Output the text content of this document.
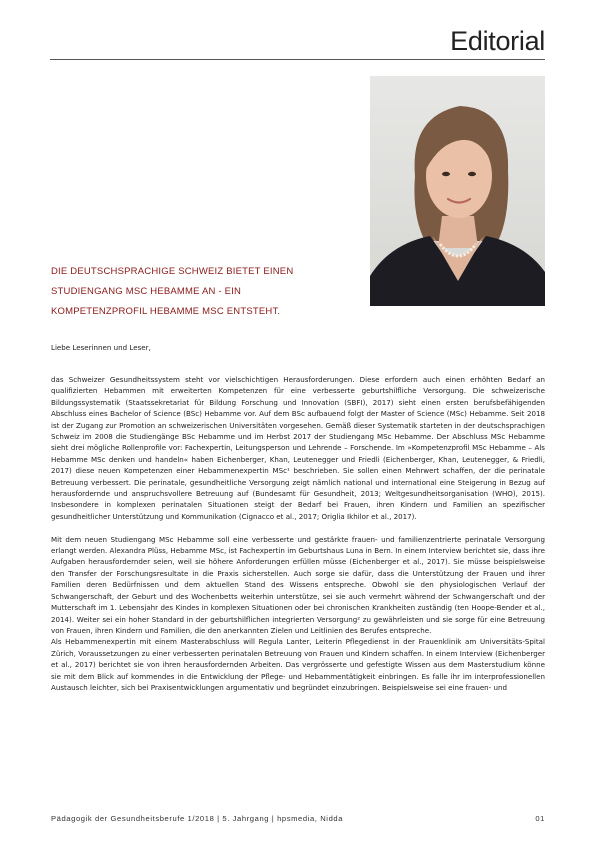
Editorial

DIE DEUTSCHSPRACHIGE SCHWEIZ BIETET EINEN

STUDIENGANG MSC HEBAMME AN - EIN

KOMPETENZPROFIL HEBAMME MSC ENTSTEHT.

Liebe Leserinnen und Leser,

das Schweizer Gesundheitssystem steht vor vielschichtigen Herausforderungen. Diese erfordern auch einen erhöhten Bedarf an qualifizierten Hebammen mit erweiterten Kompetenzen für eine verbesserte geburtshilfliche Versorgung. Die schweizerische Bildungssystematik (Staatssekretariat für Bildung Forschung und Innovation (SBFI), 2017) sieht einen ersten berufsbefähigenden Abschluss eines Bachelor of Science (BSc) Hebamme vor. Auf dem BSc aufbauend folgt der Master of Science (MSc) Hebamme. Seit 2018 ist der Zugang zur Promotion an schweizerischen Universitäten vorgesehen. Gemäß dieser Systematik starteten in der deutschsprachigen Schweiz im 2008 die Studiengänge BSc Hebamme und im Herbst 2017 der Studiengang MSc Hebamme. Der Abschluss MSc Hebamme sieht drei mögliche Rollenprofile vor: Fachexpertin, Leitungsperson und Lehrende – Forschende. Im »Kompetenzprofil MSc Hebamme – Als Hebamme MSc denken und handeln« haben Eichenberger, Khan, Leutenegger und Friedli (Eichenberger, Khan, Leutenegger, & Friedli, 2017) diese neuen Kompetenzen einer Hebammenexpertin MSc¹ beschrieben. Sie sollen einen Mehrwert schaffen, der die perinatale Betreuung verbessert. Die perinatale, gesundheitliche Versorgung zeigt nämlich national und international eine Steigerung in Bezug auf herausfordernde und anspruchsvollere Betreuung auf (Bundesamt für Gesundheit, 2013; Weltgesundheitsorganisation (WHO), 2015). Insbesondere in komplexen perinatalen Situationen steigt der Bedarf bei Frauen, ihren Kindern und Familien an spezifischer gesundheitlicher Unterstützung und Kommunikation (Cignacco et al., 2017; Origlia Ikhilor et al., 2017).

Mit dem neuen Studiengang MSc Hebamme soll eine verbesserte und gestärkte frauen- und familienzentrierte perinatale Versorgung erlangt werden. Alexandra Plüss, Hebamme MSc, ist Fachexpertin im Geburtshaus Luna in Bern. In einem Interview berichtet sie, dass ihre Aufgaben herausfordernder seien, weil sie höhere Anforderungen erfüllen müsse (Eichenberger et al., 2017). Sie müsse beispielsweise den Transfer der Forschungsresultate in die Praxis sicherstellen. Auch sorge sie dafür, dass die Unterstützung der Frauen und ihrer Familien deren Bedürfnissen und dem aktuellen Stand des Wissens entspreche. Obwohl sie den physiologischen Verlauf der Schwangerschaft, der Geburt und des Wochenbetts weiterhin unterstütze, sei sie auch vermehrt während der Schwangerschaft und der Mutterschaft im 1. Lebensjahr des Kindes in komplexen Situationen oder bei chronischen Krankheiten zuständig (ten Hoope-Bender et al., 2014). Weiter sei ein hoher Standard in der geburtshilflichen integrierten Versorgung² zu gewährleisten und sie sorge für eine Betreuung von Frauen, ihren Kindern und Familien, die den anerkannten Zielen und Leitlinien des Berufes entspreche.

Als Hebammenexpertin mit einem Masterabschluss will Regula Lanter, Leiterin Pflegedienst in der Frauenklinik am Universitäts-Spital Zürich, Voraussetzungen zu einer verbesserten perinatalen Betreuung von Frauen und Kindern schaffen. In einem Interview (Eichenberger et al., 2017) berichtet sie von ihren herausfordernden Arbeiten. Das vergrösserte und gefestigte Wissen aus dem Masterstudium könne sie mit dem Blick auf kommendes in die Entwicklung der Pflege- und Hebammentätigkeit einbringen. Es falle ihr im interprofessionellen Austausch leichter, sich bei Praxisentwicklungen argumentativ und begründet einzubringen. Beispielsweise sei eine frauen- und

Pädagogik der Gesundheitsberufe 1/2018 | 5. Jahrgang | hpsmedia, Nidda	01
